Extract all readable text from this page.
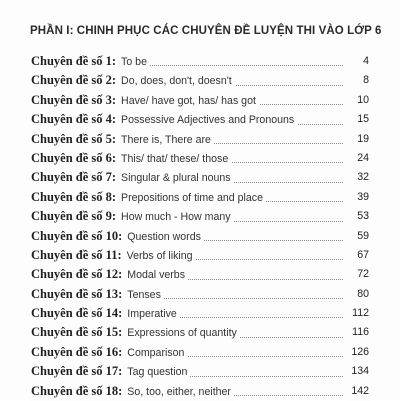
PHẦN I: CHINH PHỤC CÁC CHUYÊN ĐỀ LUYỆN THI VÀO LỚP 6
Chuyên đề số 1: To be	4
Chuyên đề số 2: Do, does, don't, doesn't	8
Chuyên đề số 3: Have/ have got, has/ has got	10
Chuyên đề số 4: Possessive Adjectives and Pronouns	15
Chuyên đề số 5: There is, There are	19
Chuyên đề số 6: This/ that/ these/ those	24
Chuyên đề số 7: Singular & plural nouns	32
Chuyên đề số 8: Prepositions of time and place	39
Chuyên đề số 9: How much - How many	53
Chuyên đề số 10: Question words	59
Chuyên đề số 11: Verbs of liking	67
Chuyên đề số 12: Modal verbs	72
Chuyên đề số 13: Tenses	80
Chuyên đề số 14: Imperative	112
Chuyên đề số 15: Expressions of quantity	116
Chuyên đề số 16: Comparison	126
Chuyên đề số 17: Tag question	134
Chuyên đề số 18: So, too, either, neither	142
